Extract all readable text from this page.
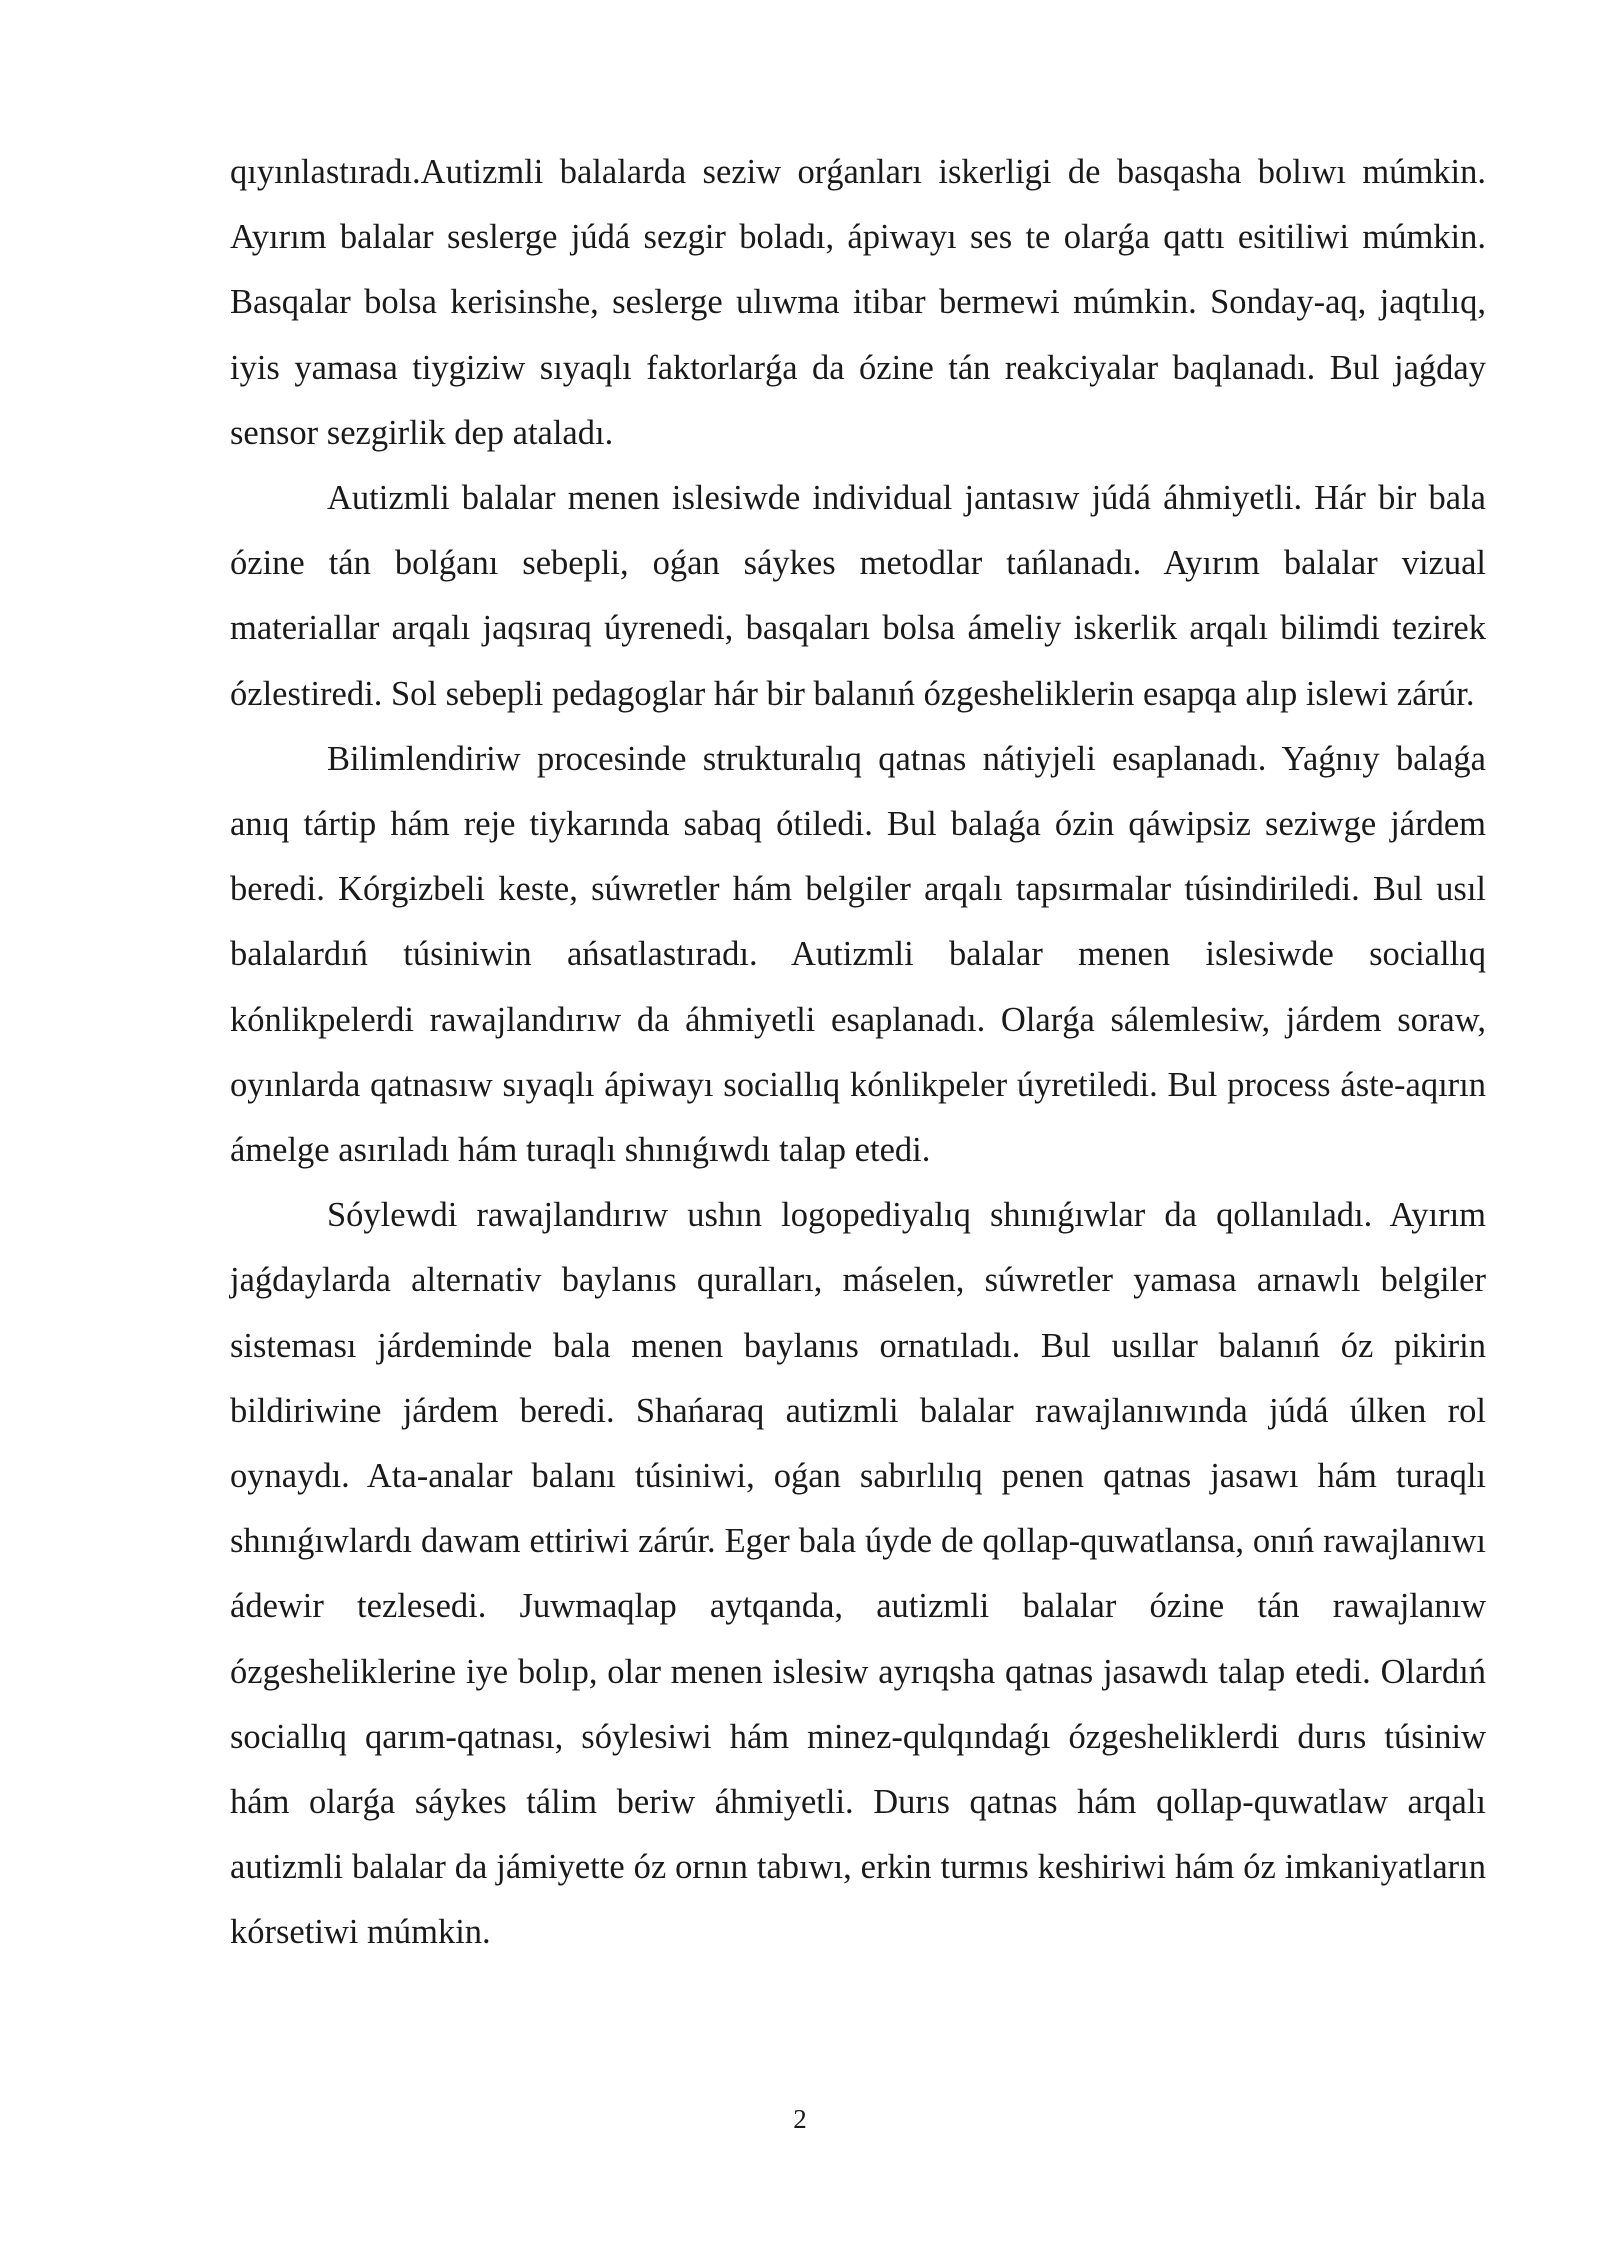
qıyınlastıradı.Autizmli balalarda seziw orǵanları iskerligi de basqasha bolıwı múmkin. Ayırım balalar seslerge júdá sezgir boladı, ápiwayı ses te olarǵa qattı esitiliwi múmkin. Basqalar bolsa kerisinshe, seslerge ulıwma itibar bermewi múmkin. Sonday-aq, jaqtılıq, iyis yamasa tiygiziw sıyaqlı faktorlarǵa da ózine tán reakciyalar baqlanadı. Bul jaǵday sensor sezgirlik dep ataladı.

Autizmli balalar menen islesiwde individual jantasıw júdá áhmiyetli. Hár bir bala ózine tán bolǵanı sebepli, oǵan sáykes metodlar tańlanadı. Ayırım balalar vizual materiallar arqalı jaqsıraq úyrenedi, basqaları bolsa ámeliy iskerlik arqalı bilimdi tezirek ózlestiredi. Sol sebepli pedagoglar hár bir balanıń ózgesheliklerin esapqa alıp islewi zárúr.

Bilimlendiriw procesinde strukturalıq qatnas nátiyjeli esaplanadı. Yaǵnıy balaǵa anıq tártip hám reje tiykarında sabaq ótiledi. Bul balaǵa ózin qáwipsiz seziwge járdem beredi. Kórgizbeli keste, súwretler hám belgiler arqalı tapsırmalar túsindiriledi. Bul usıl balalardıń túsiniwin ańsatlastıradı. Autizmli balalar menen islesiwde sociallıq kónlikpelerdi rawajlandırıw da áhmiyetli esaplanadı. Olarǵa sálemlesiw, járdem soraw, oyınlarda qatnasıw sıyaqlı ápiwayı sociallıq kónlikpeler úyretiledi. Bul process áste-aqırın ámelge asırıladı hám turaqlı shınıǵıwdı talap etedi.

Sóylewdi rawajlandırıw ushın logopediyalıq shınıǵıwlar da qollanıladı. Ayırım jaǵdaylarda alternativ baylanıs quralları, máselen, súwretler yamasa arnawlı belgiler sisteması járdeminde bala menen baylanıs ornatıladı. Bul usıllar balanıń óz pikirin bildiriwine járdem beredi. Shańaraq autizmli balalar rawajlanıwında júdá úlken rol oynaydı. Ata-analar balanı túsiniwi, oǵan sabırlılıq penen qatnas jasawı hám turaqlı shınıǵıwlardı dawam ettiriwi zárúr. Eger bala úyde de qollap-quwatlansa, onıń rawajlanıwı ádewir tezlesedi. Juwmaqlap aytqanda, autizmli balalar ózine tán rawajlanıw ózgesheliklerine iye bolıp, olar menen islesiw ayrıqsha qatnas jasawdı talap etedi. Olardıń sociallıq qarım-qatnası, sóylesiwi hám minez-qulqındaǵı ózgesheliklerdi durıs túsiniw hám olarǵa sáykes tálim beriw áhmiyetli. Durıs qatnas hám qollap-quwatlaw arqalı autizmli balalar da jámiyette óz ornın tabıwı, erkin turmıs keshiriwi hám óz imkaniyatların kórsetiwi múmkin.

2
